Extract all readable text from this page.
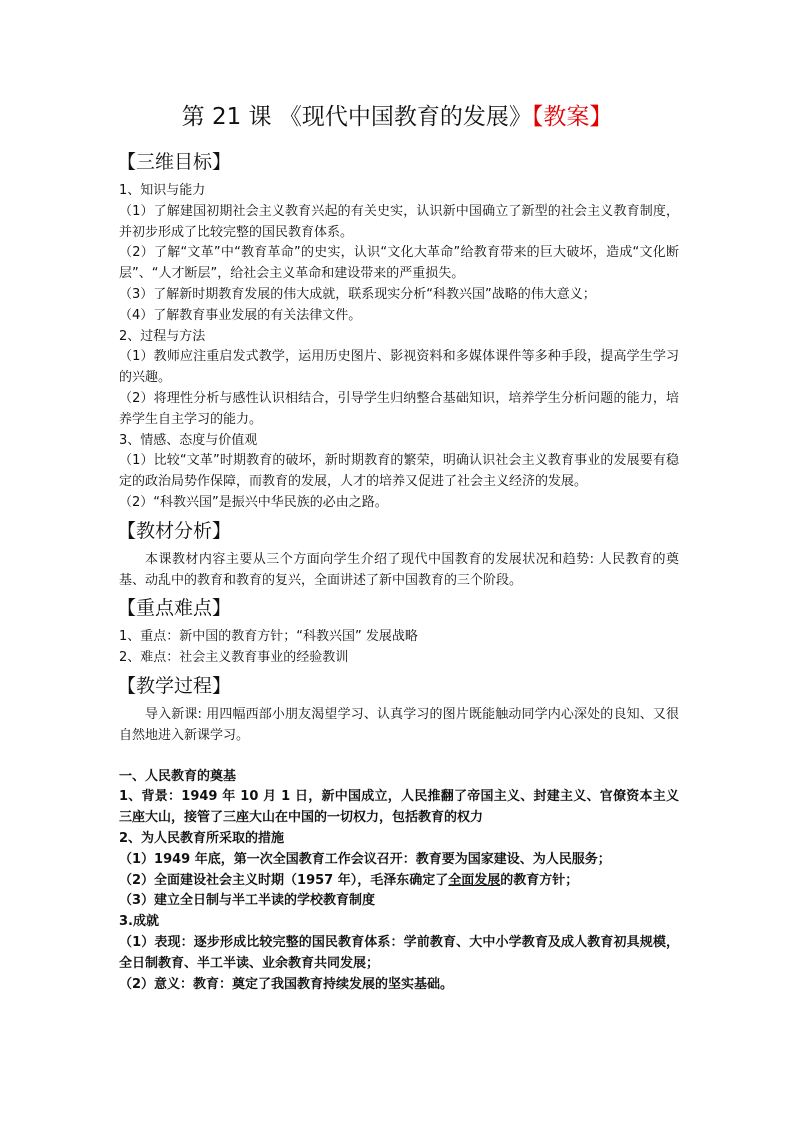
第 21 课 《现代中国教育的发展》【教案】
【三维目标】

1、知识与能力

（1）了解建国初期社会主义教育兴起的有关史实，认识新中国确立了新型的社会主义教育制度，并初步形成了比较完整的国民教育体系。

（2）了解“文革”中“教育革命”的史实，认识“文化大革命”给教育带来的巨大破坏，造成“文化断层”、“人才断层”，给社会主义革命和建设带来的严重损失。

（3）了解新时期教育发展的伟大成就，联系现实分析“科教兴国”战略的伟大意义；

（4）了解教育事业发展的有关法律文件。

2、过程与方法

（1）教师应注重启发式教学，运用历史图片、影视资料和多媒体课件等多种手段，提高学生学习的兴趣。

（2）将理性分析与感性认识相结合，引导学生归纳整合基础知识，培养学生分析问题的能力，培养学生自主学习的能力。

3、情感、态度与价值观

（1）比较“文革”时期教育的破坏，新时期教育的繁荣，明确认识社会主义教育事业的发展要有稳定的政治局势作保障，而教育的发展，人才的培养又促进了社会主义经济的发展。

（2）“科教兴国”是振兴中华民族的必由之路。

【教材分析】

本课教材内容主要从三个方面向学生介绍了现代中国教育的发展状况和趋势: 人民教育的奠基、动乱中的教育和教育的复兴，全面讲述了新中国教育的三个阶段。

【重点难点】

1、重点：新中国的教育方针；“科教兴国” 发展战略

2、难点：社会主义教育事业的经验教训

【教学过程】

导入新课: 用四幅西部小朋友渴望学习、认真学习的图片既能触动同学内心深处的良知、又很自然地进入新课学习。

一、人民教育的奠基

1、背景：1949 年 10 月 1 日，新中国成立，人民推翻了帝国主义、封建主义、官僚资本主义三座大山，接管了三座大山在中国的一切权力，包括教育的权力

2、为人民教育所采取的措施

（1）1949 年底，第一次全国教育工作会议召开：教育要为国家建设、为人民服务；

（2）全面建设社会主义时期（1957 年），毛泽东确定了全面发展的教育方针；

（3）建立全日制与半工半读的学校教育制度

3.成就

（1）表现：逐步形成比较完整的国民教育体系：学前教育、大中小学教育及成人教育初具规模，全日制教育、半工半读、业余教育共同发展；

（2）意义：教育：奠定了我国教育持续发展的坚实基础。
